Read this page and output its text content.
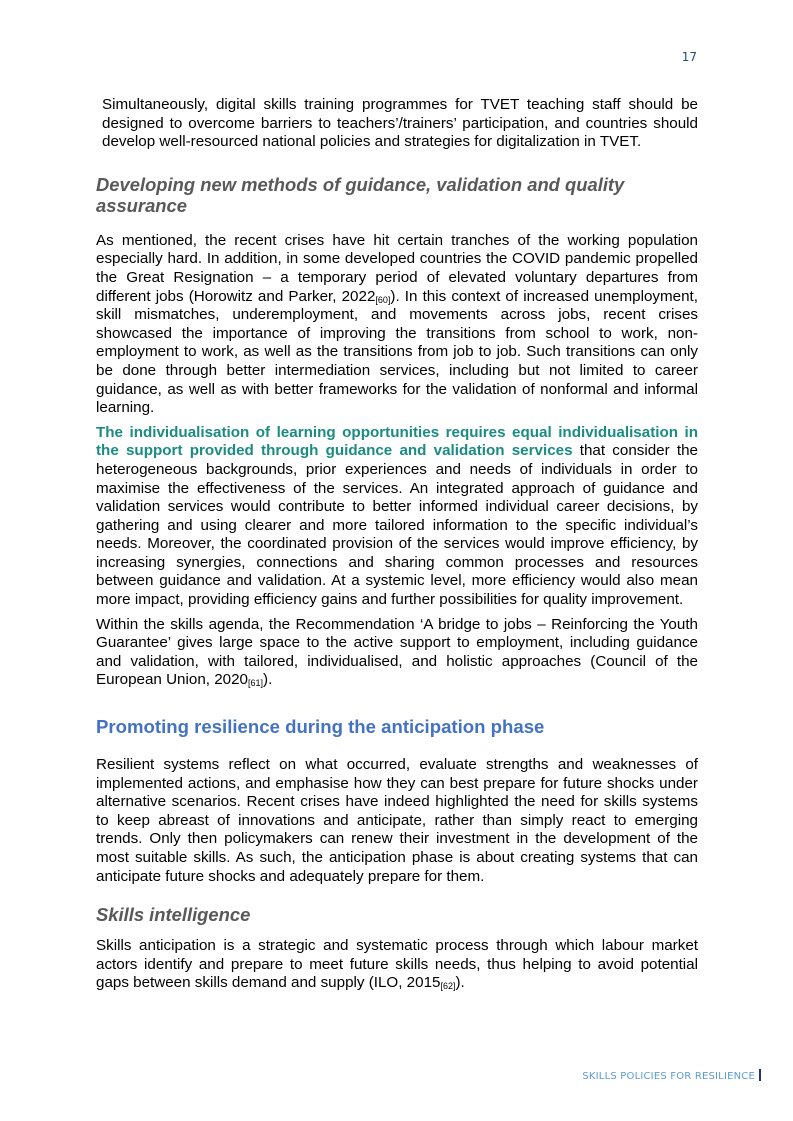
17

Simultaneously, digital skills training programmes for TVET teaching staff should be designed to overcome barriers to teachers’/trainers’ participation, and countries should develop well-resourced national policies and strategies for digitalization in TVET.

Developing new methods of guidance, validation and quality assurance

As mentioned, the recent crises have hit certain tranches of the working population especially hard. In addition, in some developed countries the COVID pandemic propelled the Great Resignation – a temporary period of elevated voluntary departures from different jobs (Horowitz and Parker, $2022_{[60]}$). In this context of increased unemployment, skill mismatches, underemployment, and movements across jobs, recent crises showcased the importance of improving the transitions from school to work, non-employment to work, as well as the transitions from job to job. Such transitions can only be done through better intermediation services, including but not limited to career guidance, as well as with better frameworks for the validation of nonformal and informal learning.

The individualisation of learning opportunities requires equal individualisation in the support provided through guidance and validation services that consider the heterogeneous backgrounds, prior experiences and needs of individuals in order to maximise the effectiveness of the services. An integrated approach of guidance and validation services would contribute to better informed individual career decisions, by gathering and using clearer and more tailored information to the specific individual’s needs. Moreover, the coordinated provision of the services would improve efficiency, by increasing synergies, connections and sharing common processes and resources between guidance and validation. At a systemic level, more efficiency would also mean more impact, providing efficiency gains and further possibilities for quality improvement.

Within the skills agenda, the Recommendation ‘A bridge to jobs – Reinforcing the Youth Guarantee’ gives large space to the active support to employment, including guidance and validation, with tailored, individualised, and holistic approaches (Council of the European Union, $2020_{[61]}$).

Promoting resilience during the anticipation phase

Resilient systems reflect on what occurred, evaluate strengths and weaknesses of implemented actions, and emphasise how they can best prepare for future shocks under alternative scenarios. Recent crises have indeed highlighted the need for skills systems to keep abreast of innovations and anticipate, rather than simply react to emerging trends. Only then policymakers can renew their investment in the development of the most suitable skills. As such, the anticipation phase is about creating systems that can anticipate future shocks and adequately prepare for them.

Skills intelligence

Skills anticipation is a strategic and systematic process through which labour market actors identify and prepare to meet future skills needs, thus helping to avoid potential gaps between skills demand and supply (ILO, $2015_{[62]}$).

SKILLS POLICIES FOR RESILIENCE
